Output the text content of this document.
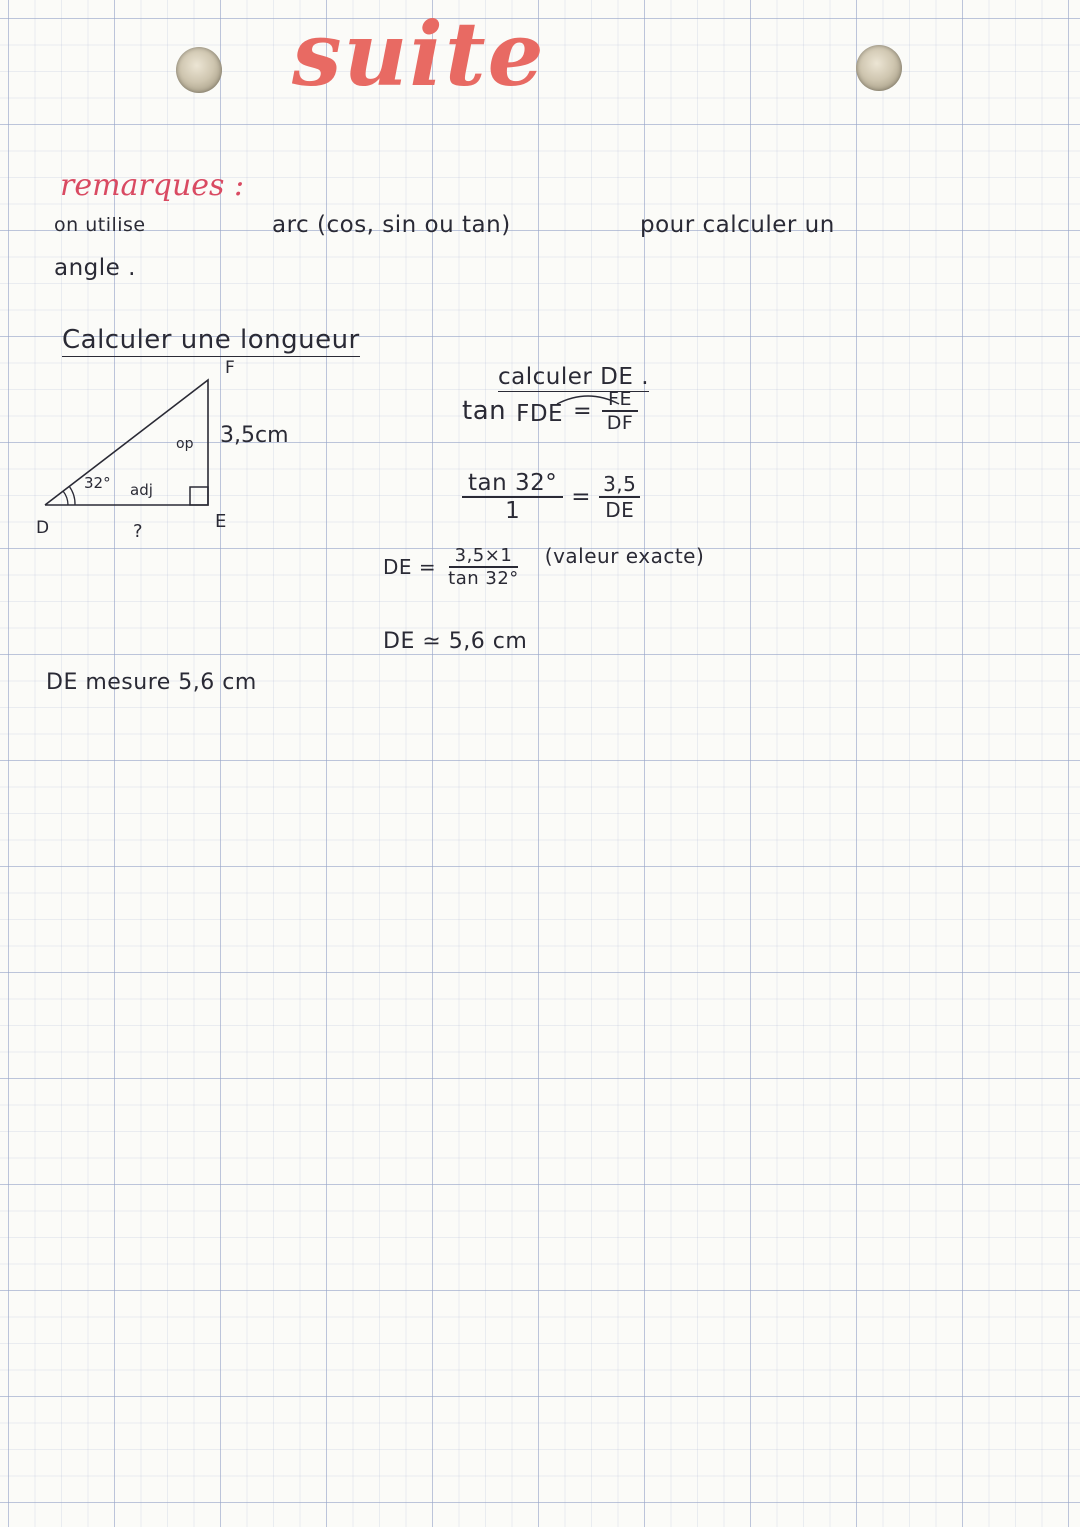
suite
remarques :
on utilise	arc (cos, sin ou tan)	pour calculer un
angle .
Calculer une longueur
F
D	E
32°
op
adj
3,5cm
?
calculer DE .
tan FDE = $\frac{FE}{DF}$
$\frac{\tan 32^\circ}{1} = \frac{3,5}{DE}$
DE = $\frac{3,5\times 1}{\tan 32^\circ}$ (valeur exacte)
DE ≃ 5,6 cm
DE mesure 5,6 cm
